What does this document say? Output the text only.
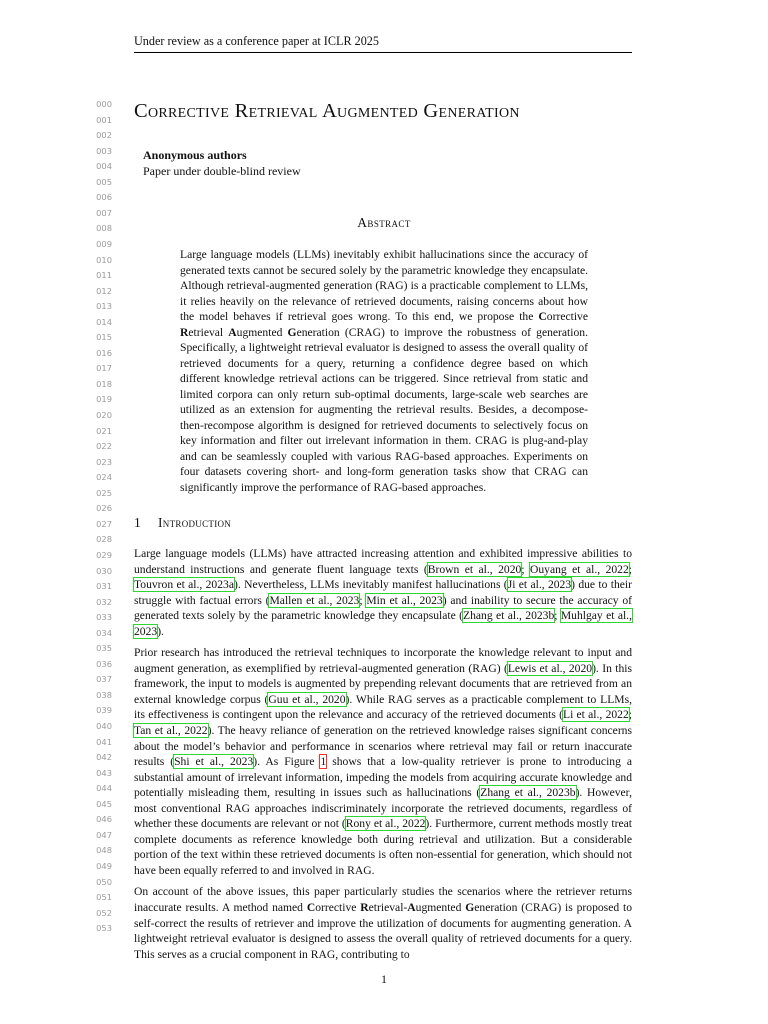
Under review as a conference paper at ICLR 2025
000
001
002
003
004
005
006
007
008
009
010
011
012
013
014
015
016
017
018
019
020
021
022
023
024
025
026
027
028
029
030
031
032
033
034
035
036
037
038
039
040
041
042
043
044
045
046
047
048
049
050
051
052
053
Corrective Retrieval Augmented Generation
Anonymous authors
Paper under double-blind review
Abstract
Large language models (LLMs) inevitably exhibit hallucinations since the accuracy of generated texts cannot be secured solely by the parametric knowledge they encapsulate. Although retrieval-augmented generation (RAG) is a practicable complement to LLMs, it relies heavily on the relevance of retrieved documents, raising concerns about how the model behaves if retrieval goes wrong. To this end, we propose the Corrective Retrieval Augmented Generation (CRAG) to improve the robustness of generation. Specifically, a lightweight retrieval evaluator is designed to assess the overall quality of retrieved documents for a query, returning a confidence degree based on which different knowledge retrieval actions can be triggered. Since retrieval from static and limited corpora can only return sub-optimal documents, large-scale web searches are utilized as an extension for augmenting the retrieval results. Besides, a decompose-then-recompose algorithm is designed for retrieved documents to selectively focus on key information and filter out irrelevant information in them. CRAG is plug-and-play and can be seamlessly coupled with various RAG-based approaches. Experiments on four datasets covering short- and long-form generation tasks show that CRAG can significantly improve the performance of RAG-based approaches.
1 Introduction

Large language models (LLMs) have attracted increasing attention and exhibited impressive abilities to understand instructions and generate fluent language texts (Brown et al., 2020; Ouyang et al., 2022; Touvron et al., 2023a). Nevertheless, LLMs inevitably manifest hallucinations (Ji et al., 2023) due to their struggle with factual errors (Mallen et al., 2023; Min et al., 2023) and inability to secure the accuracy of generated texts solely by the parametric knowledge they encapsulate (Zhang et al., 2023b; Muhlgay et al., 2023).

Prior research has introduced the retrieval techniques to incorporate the knowledge relevant to input and augment generation, as exemplified by retrieval-augmented generation (RAG) (Lewis et al., 2020). In this framework, the input to models is augmented by prepending relevant documents that are retrieved from an external knowledge corpus (Guu et al., 2020). While RAG serves as a practicable complement to LLMs, its effectiveness is contingent upon the relevance and accuracy of the retrieved documents (Li et al., 2022; Tan et al., 2022). The heavy reliance of generation on the retrieved knowledge raises significant concerns about the model’s behavior and performance in scenarios where retrieval may fail or return inaccurate results (Shi et al., 2023). As Figure 1 shows that a low-quality retriever is prone to introducing a substantial amount of irrelevant information, impeding the models from acquiring accurate knowledge and potentially misleading them, resulting in issues such as hallucinations (Zhang et al., 2023b). However, most conventional RAG approaches indiscriminately incorporate the retrieved documents, regardless of whether these documents are relevant or not (Rony et al., 2022). Furthermore, current methods mostly treat complete documents as reference knowledge both during retrieval and utilization. But a considerable portion of the text within these retrieved documents is often non-essential for generation, which should not have been equally referred to and involved in RAG.

On account of the above issues, this paper particularly studies the scenarios where the retriever returns inaccurate results. A method named Corrective Retrieval-Augmented Generation (CRAG) is proposed to self-correct the results of retriever and improve the utilization of documents for augmenting generation. A lightweight retrieval evaluator is designed to assess the overall quality of retrieved documents for a query. This serves as a crucial component in RAG, contributing to

1
